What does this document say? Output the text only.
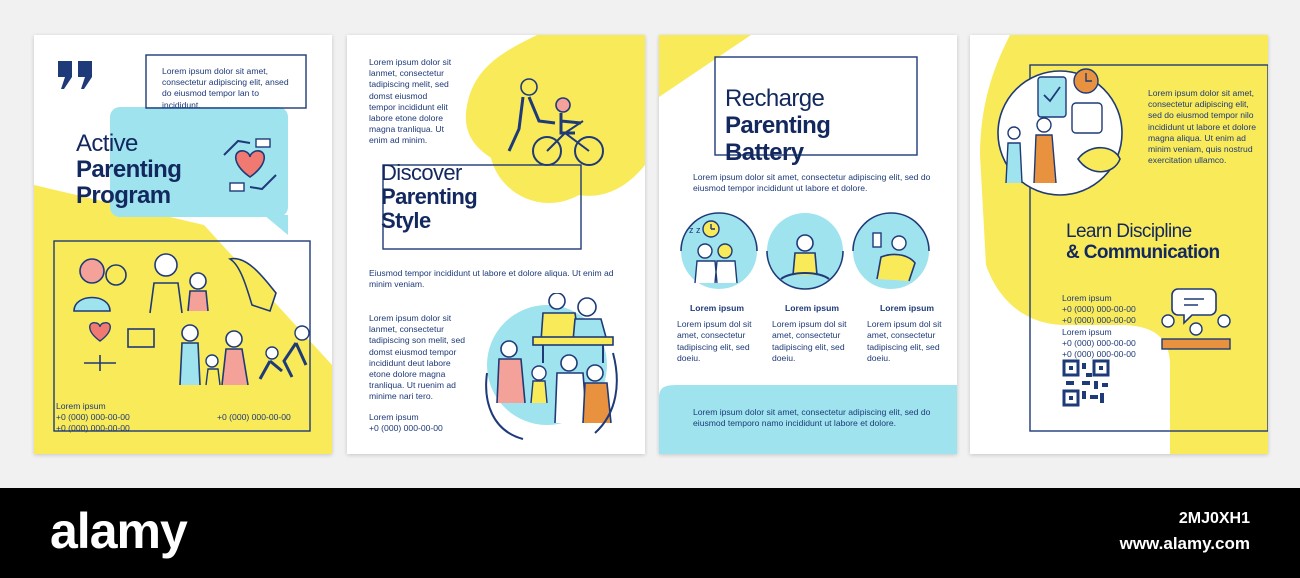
Lorem ipsum dolor sit amet, consectetur adipiscing elit, ansed do eiusmod tempor lan to incididunt.
Active
Parenting
Program
Lorem ipsum
+0 (000) 000-00-00
+0 (000) 000-00-00
+0 (000) 000-00-00
Lorem ipsum dolor sit lanmet, consectetur tadipiscing melit, sed domst eiusmod tempor incididunt elit labore etone dolore magna tranliqua. Ut enim ad minim.
Discover
Parenting
Style
Eiusmod tempor incididunt ut labore et dolore aliqua. Ut enim ad minim veniam.
Lorem ipsum dolor sit lanmet, consectetur tadipiscing son melit, sed domst eiusmod tempor incididunt deut labore etone dolore magna tranliqua. Ut ruenim ad minime nari tero.
Lorem ipsum
+0 (000) 000-00-00
Recharge
Parenting
Battery
Lorem ipsum dolor sit amet, consectetur adipiscing elit, sed do eiusmod tempor incididunt ut labore et dolore.
z z
Lorem ipsum
Lorem ipsum dol sit amet, consectetur tadipiscing elit, sed doeiu.
Lorem ipsum
Lorem ipsum dol sit amet, consectetur tadipiscing elit, sed doeiu.
Lorem ipsum
Lorem ipsum dol sit amet, consectetur tadipiscing elit, sed doeiu.
Lorem ipsum dolor sit amet, consectetur adipiscing elit, sed do eiusmod temporo namo incididunt ut labore et dolore.
Lorem ipsum dolor sit amet, consectetur adipiscing elit, sed do eiusmod tempor nilo incididunt ut labore et dolore magna aliqua. Ut enim ad minim veniam, quis nostrud exercitation ullamco.
Learn Discipline
& Communication
Lorem ipsum
+0 (000) 000-00-00
+0 (000) 000-00-00
Lorem ipsum
+0 (000) 000-00-00
+0 (000) 000-00-00
alamy	2MJ0XH1
www.alamy.com
